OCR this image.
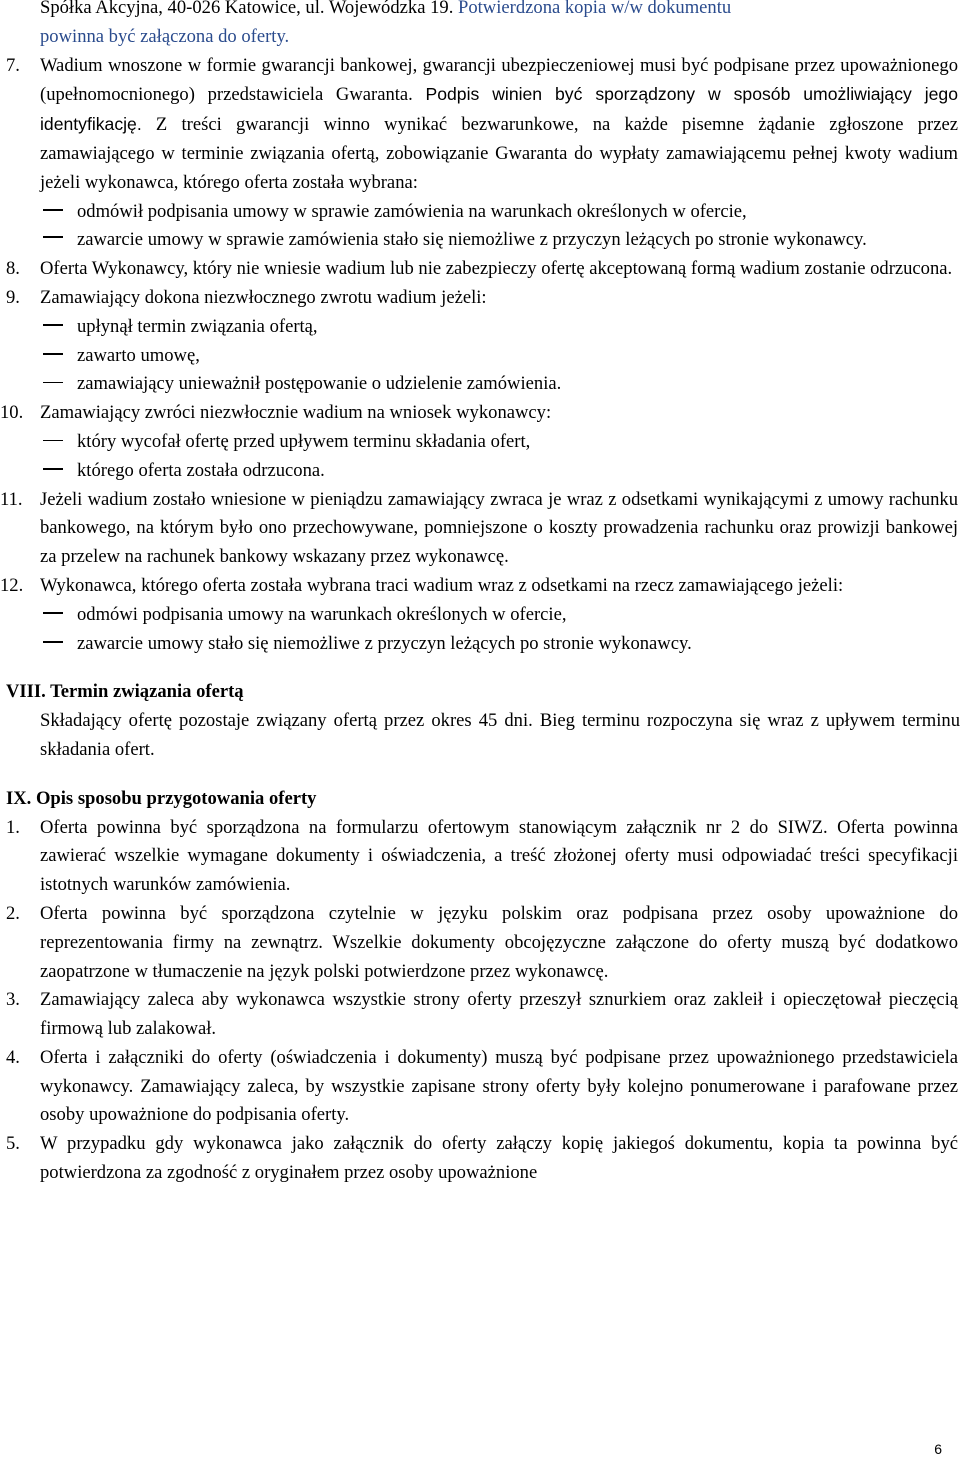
Spółka Akcyjna, 40-026 Katowice, ul. Wojewódzka 19. Potwierdzona kopia w/w dokumentu
powinna być załączona do oferty.
7.	Wadium wnoszone w formie gwarancji bankowej, gwarancji ubezpieczeniowej musi być podpisane przez upoważnionego (upełnomocnionego) przedstawiciela Gwaranta. Podpis winien być sporządzony w sposób umożliwiający jego identyfikację. Z treści gwarancji winno wynikać bezwarunkowe, na każde pisemne żądanie zgłoszone przez zamawiającego w terminie związania ofertą, zobowiązanie Gwaranta do wypłaty zamawiającemu pełnej kwoty wadium jeżeli wykonawca, którego oferta została wybrana:
odmówił podpisania umowy w sprawie zamówienia na warunkach określonych w ofercie,
zawarcie umowy w sprawie zamówienia stało się niemożliwe z przyczyn leżących po stronie wykonawcy.
8.	Oferta Wykonawcy, który nie wniesie wadium lub nie zabezpieczy ofertę akceptowaną formą wadium zostanie odrzucona.
9.	Zamawiający dokona niezwłocznego zwrotu wadium jeżeli:
upłynął termin związania ofertą,
zawarto umowę,
zamawiający unieważnił postępowanie o udzielenie zamówienia.
10. Zamawiający zwróci niezwłocznie wadium na wniosek wykonawcy:
który wycofał ofertę przed upływem terminu składania ofert,
którego oferta została odrzucona.
11. Jeżeli wadium zostało wniesione w pieniądzu zamawiający zwraca je wraz z odsetkami wynikającymi z umowy rachunku bankowego, na którym było ono przechowywane, pomniejszone o koszty prowadzenia rachunku oraz prowizji bankowej za przelew na rachunek bankowy wskazany przez wykonawcę.
12. Wykonawca, którego oferta została wybrana traci wadium wraz z odsetkami na rzecz zamawiającego jeżeli:
odmówi podpisania umowy na warunkach określonych w ofercie,
zawarcie umowy stało się niemożliwe z przyczyn leżących po stronie wykonawcy.
VIII. Termin związania ofertą
Składający ofertę pozostaje związany ofertą przez okres 45 dni. Bieg terminu rozpoczyna się wraz z upływem terminu składania ofert.
IX. Opis sposobu przygotowania oferty
1.	Oferta powinna być sporządzona na formularzu ofertowym stanowiącym załącznik nr 2 do SIWZ. Oferta powinna zawierać wszelkie wymagane dokumenty i oświadczenia, a treść złożonej oferty musi odpowiadać treści specyfikacji istotnych warunków zamówienia.
2.	Oferta powinna być sporządzona czytelnie w języku polskim oraz podpisana przez osoby upoważnione do reprezentowania firmy na zewnątrz. Wszelkie dokumenty obcojęzyczne załączone do oferty muszą być dodatkowo zaopatrzone w tłumaczenie na język polski potwierdzone przez wykonawcę.
3.	Zamawiający zaleca aby wykonawca wszystkie strony oferty przeszył sznurkiem oraz zakleił i opieczętował pieczęcią firmową lub zalakował.
4.	Oferta i załączniki do oferty (oświadczenia i dokumenty) muszą być podpisane przez upoważnionego przedstawiciela wykonawcy. Zamawiający zaleca, by wszystkie zapisane strony oferty były kolejno ponumerowane i parafowane przez osoby upoważnione do podpisania oferty.
5.	W przypadku gdy wykonawca jako załącznik do oferty załączy kopię jakiegoś dokumentu, kopia ta powinna być potwierdzona za zgodność z oryginałem przez osoby upoważnione
6
